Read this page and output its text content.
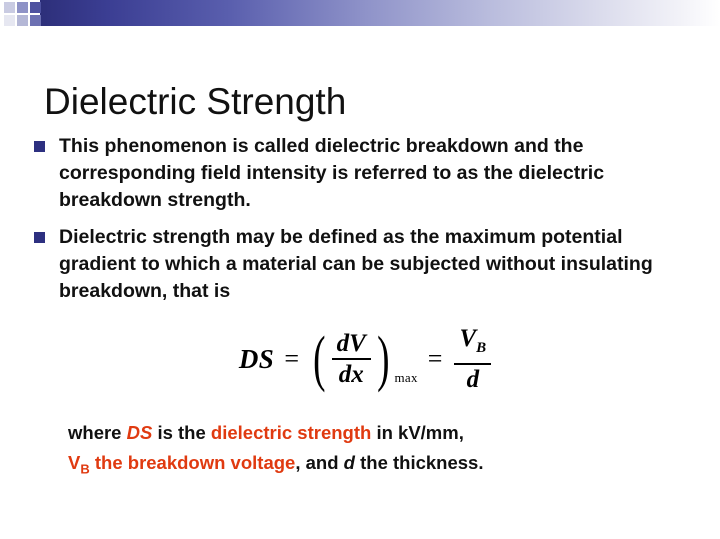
Dielectric Strength
This phenomenon is called dielectric breakdown and the corresponding field intensity is referred to as the dielectric breakdown strength.
Dielectric strength may be defined as the maximum potential gradient to which a material can be subjected without insulating breakdown, that is
DS = ( $\frac{dV}{dx}$ ) max
= $\frac{V_B}{d}$
where DS is the dielectric strength in kV/mm,
$V_B$ the breakdown voltage, and d the thickness.
